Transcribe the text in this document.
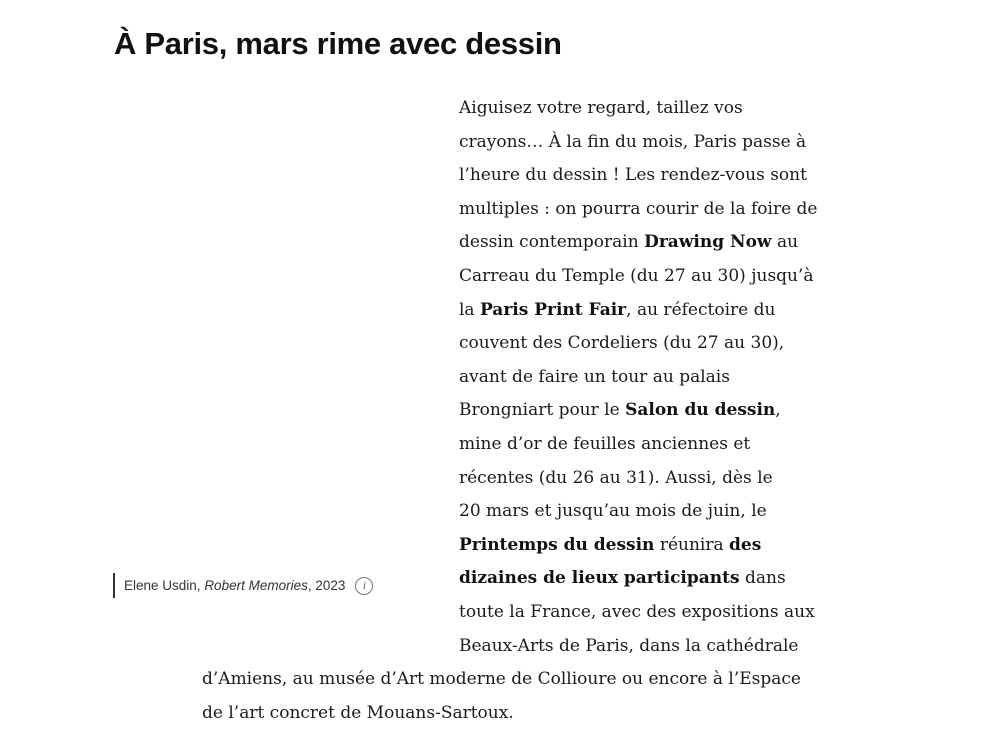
À Paris, mars rime avec dessin
Elene Usdin , Robert Memories , 2023	i
Aiguisez votre regard, taillez vos
crayons… À la fin du mois, Paris passe à
l’heure du dessin ! Les rendez-vous sont
multiples : on pourra courir de la foire de
dessin contemporain Drawing Now au
Carreau du Temple (du 27 au 30) jusqu’à
la Paris Print Fair, au réfectoire du
couvent des Cordeliers (du 27 au 30),
avant de faire un tour au palais
Brongniart pour le Salon du dessin,
mine d’or de feuilles anciennes et
récentes (du 26 au 31). Aussi, dès le
20 mars et jusqu’au mois de juin, le
Printemps du dessin réunira des
dizaines de lieux participants dans
toute la France, avec des expositions aux
Beaux-Arts de Paris, dans la cathédrale
d’Amiens, au musée d’Art moderne de Collioure ou encore à l’Espace
de l’art concret de Mouans-Sartoux.
